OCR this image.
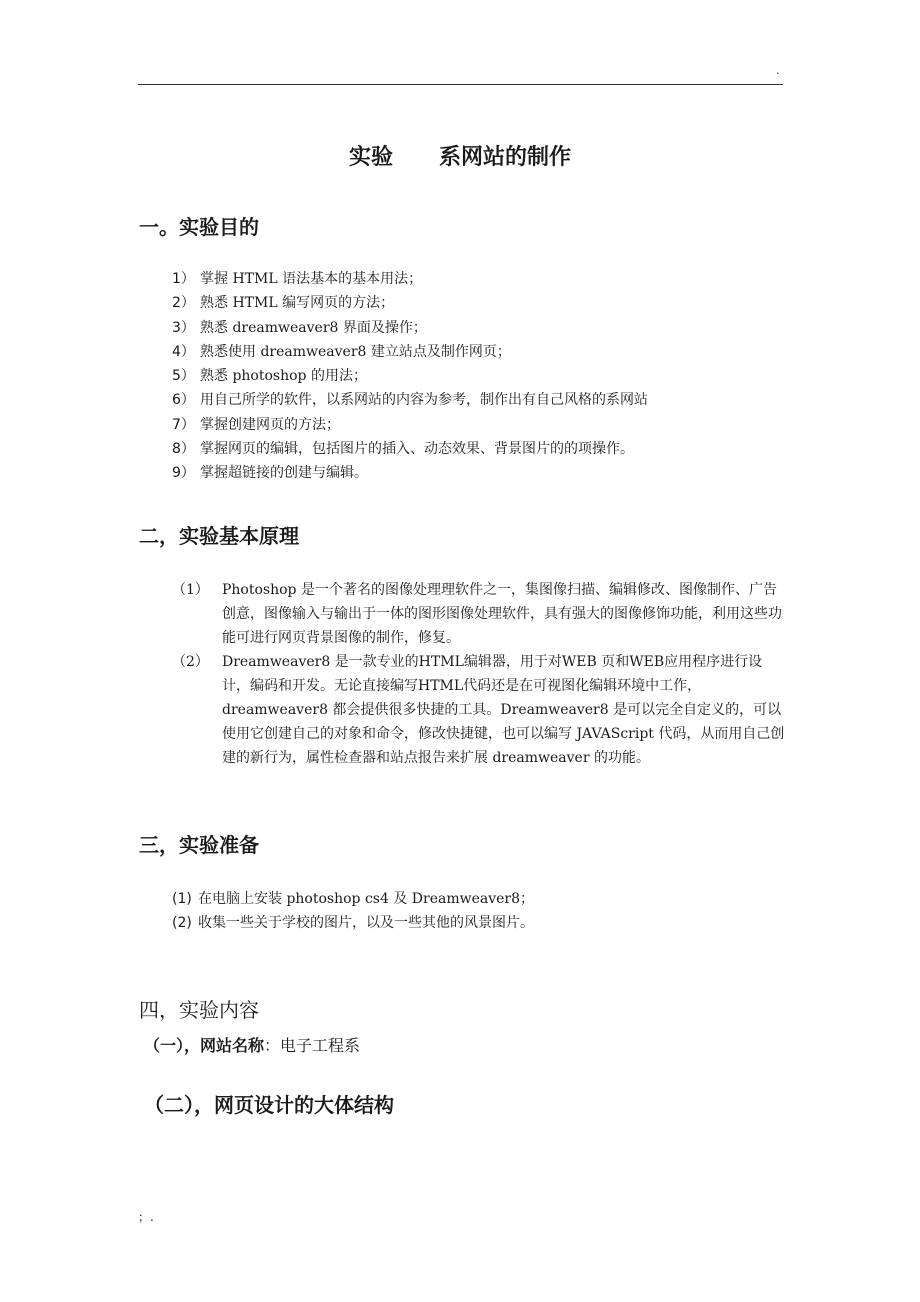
.
实验      系网站的制作
一。实验目的
1） 掌握 HTML 语法基本的基本用法；
2） 熟悉 HTML 编写网页的方法；
3） 熟悉 dreamweaver8 界面及操作；
4） 熟悉使用 dreamweaver8 建立站点及制作网页；
5） 熟悉 photoshop 的用法；
6） 用自己所学的软件，以系网站的内容为参考，制作出有自己风格的系网站
7） 掌握创建网页的方法；
8） 掌握网页的编辑，包括图片的插入、动态效果、背景图片的的项操作。
9） 掌握超链接的创建与编辑。
二，实验基本原理
（1） Photoshop 是一个著名的图像处理理软件之一，集图像扫描、编辑修改、图像制作、广告创意，图像输入与输出于一体的图形图像处理软件，具有强大的图像修饰功能，利用这些功能可进行网页背景图像的制作，修复。
（2） Dreamweaver8 是一款专业的HTML编辑器，用于对WEB 页和WEB应用程序进行设计，编码和开发。无论直接编写HTML代码还是在可视图化编辑环境中工作，dreamweaver8 都会提供很多快捷的工具。Dreamweaver8 是可以完全自定义的，可以使用它创建自己的对象和命令，修改快捷键，也可以编写 JAVAScript 代码，从而用自己创建的新行为，属性检查器和站点报告来扩展 dreamweaver 的功能。
三，实验准备
(1) 在电脑上安装 photoshop cs4 及 Dreamweaver8；
(2) 收集一些关于学校的图片，以及一些其他的风景图片。
四，实验内容
（一），网站名称：电子工程系
（二），网页设计的大体结构
；.
